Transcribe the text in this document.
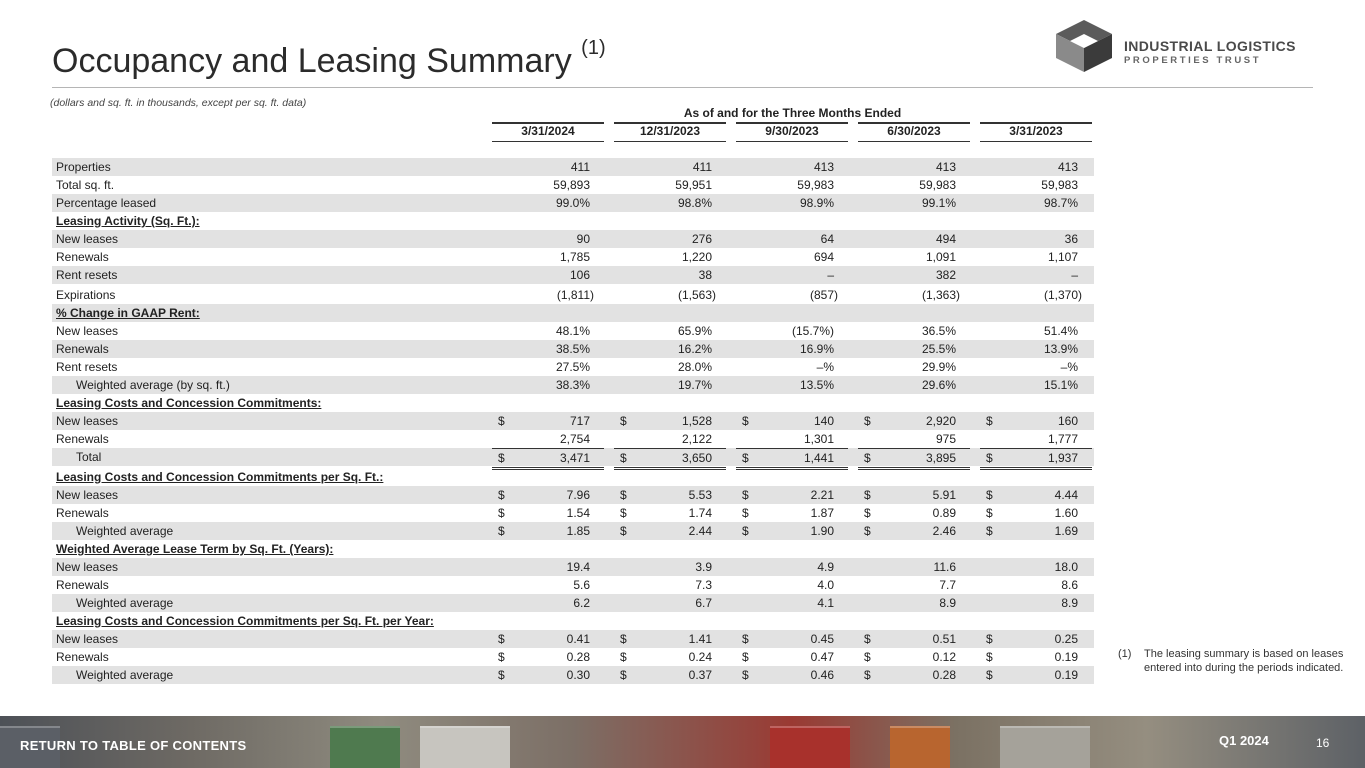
Occupancy and Leasing Summary $^{(1)}$	INDUSTRIAL LOGISTICS
PROPERTIES TRUST
(dollars and sq. ft. in thousands, except per sq. ft. data)
As of and for the Three Months Ended
3/31/2024	12/31/2023	9/30/2023	6/30/2023	3/31/2023
Properties	411	411	413	413	413
Total sq. ft.	59,893	59,951	59,983	59,983	59,983
Percentage leased	99.0%	98.8%	98.9%	99.1%	98.7%
Leasing Activity (Sq. Ft.):
New leases	90	276	64	494	36
Renewals	1,785	1,220	694	1,091	1,107
Rent resets	106	38	–	382	–
Expirations	(1,811)	(1,563)	(857)	(1,363)	(1,370)
% Change in GAAP Rent:
New leases	48.1%	65.9%	(15.7%)	36.5%	51.4%
Renewals	38.5%	16.2%	16.9%	25.5%	13.9%
Rent resets	27.5%	28.0%	–%	29.9%	–%
Weighted average (by sq. ft.)	38.3%	19.7%	13.5%	29.6%	15.1%
Leasing Costs and Concession Commitments:
New leases	$	717	$	1,528	$	140	$	2,920	$	160
Renewals	2,754	2,122	1,301	975	1,777
Total	$	3,471	$	3,650	$	1,441	$	3,895	$	1,937
Leasing Costs and Concession Commitments per Sq. Ft.:
New leases	$	7.96	$	5.53	$	2.21	$	5.91	$	4.44
Renewals	$	1.54	$	1.74	$	1.87	$	0.89	$	1.60
Weighted average	$	1.85	$	2.44	$	1.90	$	2.46	$	1.69
Weighted Average Lease Term by Sq. Ft. (Years):
New leases	19.4	3.9	4.9	11.6	18.0
Renewals	5.6	7.3	4.0	7.7	8.6
Weighted average	6.2	6.7	4.1	8.9	8.9
Leasing Costs and Concession Commitments per Sq. Ft. per Year:
New leases	$	0.41	$	1.41	$	0.45	$	0.51	$	0.25
Renewals	$	0.28	$	0.24	$	0.47	$	0.12	$	0.19
Weighted average	$	0.30	$	0.37	$	0.46	$	0.28	$	0.19
(1) The leasing summary is based on leases entered into during the periods indicated.
RETURN TO TABLE OF CONTENTS	Q1 2024	16
